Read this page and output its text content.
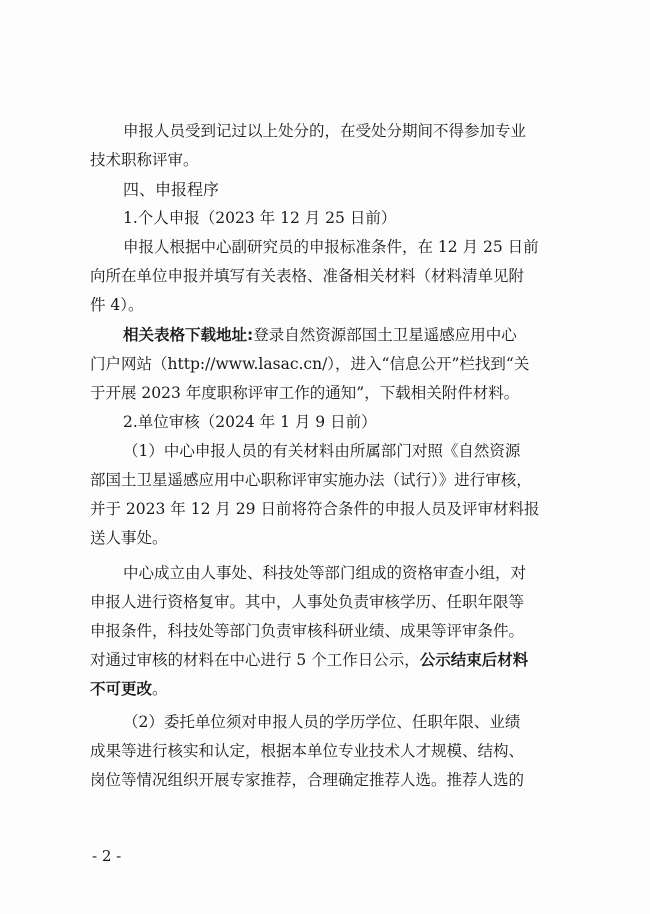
申报人员受到记过以上处分的，在受处分期间不得参加专业
技术职称评审。
四、申报程序
1.个人申报（2023 年 12 月 25 日前）
申报人根据中心副研究员的申报标准条件，在 12 月 25 日前
向所在单位申报并填写有关表格、准备相关材料（材料清单见附
件 4）。
相关表格下载地址:登录自然资源部国土卫星遥感应用中心
门户网站（http://www.lasac.cn/），进入“信息公开”栏找到“关
于开展 2023 年度职称评审工作的通知”，下载相关附件材料。
2.单位审核（2024 年 1 月 9 日前）
（1）中心申报人员的有关材料由所属部门对照《自然资源
部国土卫星遥感应用中心职称评审实施办法（试行）》进行审核，
并于 2023 年 12 月 29 日前将符合条件的申报人员及评审材料报
送人事处。
中心成立由人事处、科技处等部门组成的资格审查小组，对
申报人进行资格复审。其中，人事处负责审核学历、任职年限等
申报条件，科技处等部门负责审核科研业绩、成果等评审条件。
对通过审核的材料在中心进行 5 个工作日公示，公示结束后材料
不可更改。
（2）委托单位须对申报人员的学历学位、任职年限、业绩
成果等进行核实和认定，根据本单位专业技术人才规模、结构、
岗位等情况组织开展专家推荐，合理确定推荐人选。推荐人选的
- 2 -
